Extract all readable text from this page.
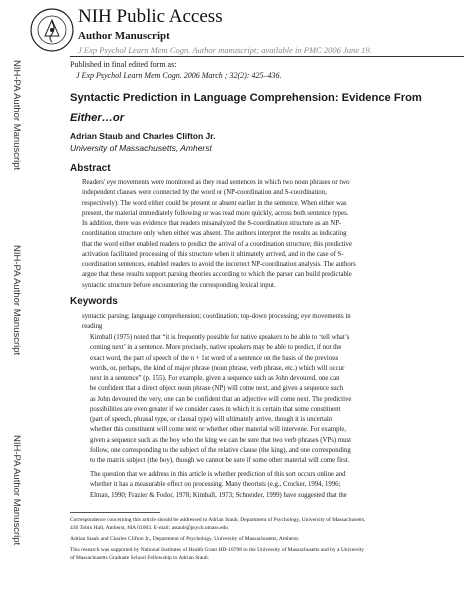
NIH-PA Author Manuscript
NIH-PA Author Manuscript
NIH-PA Author Manuscript
NIH Public Access
Author Manuscript
J Exp Psychol Learn Mem Cogn. Author manuscript; available in PMC 2006 June 19.
Published in final edited form as:
J Exp Psychol Learn Mem Cogn. 2006 March ; 32(2): 425–436.
Syntactic Prediction in Language Comprehension: Evidence From
Either…or
Adrian Staub and Charles Clifton Jr.
University of Massachusetts, Amherst
Abstract
Readers' eye movements were monitored as they read sentences in which two noun phrases or two
independent clauses were connected by the word or (NP-coordination and S-coordination,
respectively). The word either could be present or absent earlier in the sentence. When either was
present, the material immediately following or was read more quickly, across both sentence types.
In addition, there was evidence that readers misanalyzed the S-coordination structure as an NP-
coordination structure only when either was absent. The authors interpret the results as indicating
that the word either enabled readers to predict the arrival of a coordination structure; this predictive
activation facilitated processing of this structure when it ultimately arrived, and in the case of S-
coordination sentences, enabled readers to avoid the incorrect NP-coordination analysis. The authors
argue that these results support parsing theories according to which the parser can build predictable
syntactic structure before encountering the corresponding lexical input.
Keywords
syntactic parsing; language comprehension; coordination; top-down processing; eye movements in
reading
Kimball (1975) noted that “it is frequently possible for native speakers to be able to ‘tell what’s
coming next’ in a sentence. More precisely, native speakers may be able to predict, if not the
exact word, the part of speech of the n + 1st word of a sentence on the basis of the previous
words, or, perhaps, the kind of major phrase (noun phrase, verb phrase, etc.) which will occur
next in a sentence” (p. 155). For example, given a sequence such as John devoured, one can
be confident that a direct object noun phrase (NP) will come next, and given a sequence such
as John devoured the very, one can be confident that an adjective will come next. The predictive
possibilities are even greater if we consider cases in which it is certain that some constituent
(part of speech, phrasal type, or clausal type) will ultimately arrive, though it is uncertain
whether this constituent will come next or whether other material will intervene. For example,
given a sequence such as the boy who the king we can be sure that two verb phrases (VPs) must
follow, one corresponding to the subject of the relative clause (the king), and one corresponding
to the matrix subject (the boy), though we cannot be sure if some other material will come first.
The question that we address in this article is whether prediction of this sort occurs online and
whether it has a measurable effect on processing. Many theorists (e.g., Crocker, 1994, 1996;
Elman, 1990; Frazier & Fodor, 1978; Kimball, 1973; Schneider, 1999) have suggested that the
Correspondence concerning this article should be addressed to Adrian Staub, Department of Psychology, University of Massachusetts,
436 Tobin Hall, Amherst, MA 01003. E-mail: astaub@psych.umass.edu
Adrian Staub and Charles Clifton Jr., Department of Psychology, University of Massachusetts, Amherst.
This research was supported by National Institutes of Health Grant HD-18708 to the University of Massachusetts and by a University
of Massachusetts Graduate School Fellowship to Adrian Staub.
